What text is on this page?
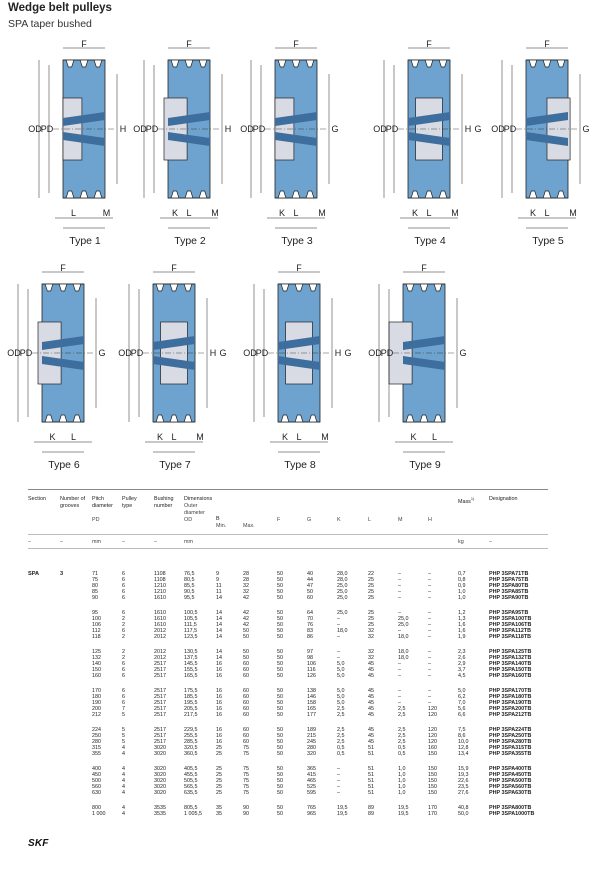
Wedge belt pulleys
SPA taper bushed
F
OD
PD	H
L	M
F
OD
PD	H
K L M
F
OD
PD	G
K L M
F
OD
PD	H G
K L M
F
OD
PD	G
K L M
F
OD
PD	G
K L
F
OD
PD	H G
K L M
F
OD
PD	H G
K L M
F
OD
PD	G
K L
Section	Number of grooves
Pitch diameter
Pulley type
Bushing number
Dimensions
Outer diameter
B
Mass$^{1)}$	Designation
PD	OD
Min.	Max.
F	G	K	L	M	H
–	–	mm	–	–	mm	kg	–
SPA	3	71	6	1108	76,5	9	28	50	40	28,0	22	–	–	0,7	PHP 3SPA71TB
75	6	1108	80,5	9	28	50	44	28,0	25	–	–	0,8	PHP 3SPA75TB
80	6	1210	85,5	11	32	50	47	25,0	25	–	–	0,9	PHP 3SPA80TB
85	6	1210	90,5	11	32	50	50	25,0	25	–	–	1,0	PHP 3SPA85TB
90	6	1610	95,5	14	42	50	60	25,0	25	–	–	1,0	PHP 3SPA90TB
95	6	1610	100,5	14	42	50	64	25,0	25	–	–	1,2	PHP 3SPA95TB
100	2	1610	105,5	14	42	50	70	–	25	25,0	–	1,3	PHP 3SPA100TB
106	2	1610	111,5	14	42	50	76	–	25	25,0	–	1,6	PHP 3SPA106TB
112	6	2012	117,5	14	50	50	83	18,0	32	–	–	1,6	PHP 3SPA112TB
118	2	2012	123,5	14	50	50	86	–	32	18,0	–	1,9	PHP 3SPA118TB
125	2	2012	130,5	14	50	50	97	–	32	18,0	–	2,3	PHP 3SPA125TB
132	2	2012	137,5	14	50	50	98	–	32	18,0	–	2,6	PHP 3SPA132TB
140	6	2517	145,5	16	60	50	106	5,0	45	–	–	2,9	PHP 3SPA140TB
150	6	2517	155,5	16	60	50	116	5,0	45	–	–	3,7	PHP 3SPA150TB
160	6	2517	165,5	16	60	50	126	5,0	45	–	–	4,5	PHP 3SPA160TB
170	6	2517	175,5	16	60	50	138	5,0	45	–	–	5,0	PHP 3SPA170TB
180	6	2517	185,5	16	60	50	146	5,0	45	–	–	6,2	PHP 3SPA180TB
190	6	2517	195,5	16	60	50	158	5,0	45	–	–	7,0	PHP 3SPA190TB
200	7	2517	205,5	16	60	50	165	2,5	45	2,5	120	5,6	PHP 3SPA200TB
212	5	2517	217,5	16	60	50	177	2,5	45	2,5	120	6,6	PHP 3SPA212TB
224	5	2517	229,5	16	60	50	189	2,5	45	2,5	120	7,5	PHP 3SPA224TB
250	5	2517	255,5	16	60	50	215	2,5	45	2,5	120	8,6	PHP 3SPA250TB
280	5	2517	285,5	16	60	50	245	2,5	45	2,5	120	10,0	PHP 3SPA280TB
315	4	3020	320,5	25	75	50	280	0,5	51	0,5	160	12,8	PHP 3SPA315TB
355	4	3020	360,5	25	75	50	320	0,5	51	0,5	150	13,4	PHP 3SPA355TB
400	4	3020	405,5	25	75	50	365	–	51	1,0	150	15,9	PHP 3SPA400TB
450	4	3020	455,5	25	75	50	415	–	51	1,0	150	19,3	PHP 3SPA450TB
500	4	3020	505,5	25	75	50	465	–	51	1,0	150	22,6	PHP 3SPA500TB
560	4	3020	565,5	25	75	50	525	–	51	1,0	150	23,5	PHP 3SPA560TB
630	4	3020	635,5	25	75	50	595	–	51	1,0	150	27,6	PHP 3SPA630TB
800	4	3535	805,5	35	90	50	765	19,5	89	19,5	170	40,8	PHP 3SPA800TB
1 000	4	3535	1 005,5	35	90	50	965	19,5	89	19,5	170	50,0	PHP 3SPA1000TB
SKF
Type 1	Type 2	Type 3	Type 4	Type 5
Type 6	Type 7	Type 8	Type 9
